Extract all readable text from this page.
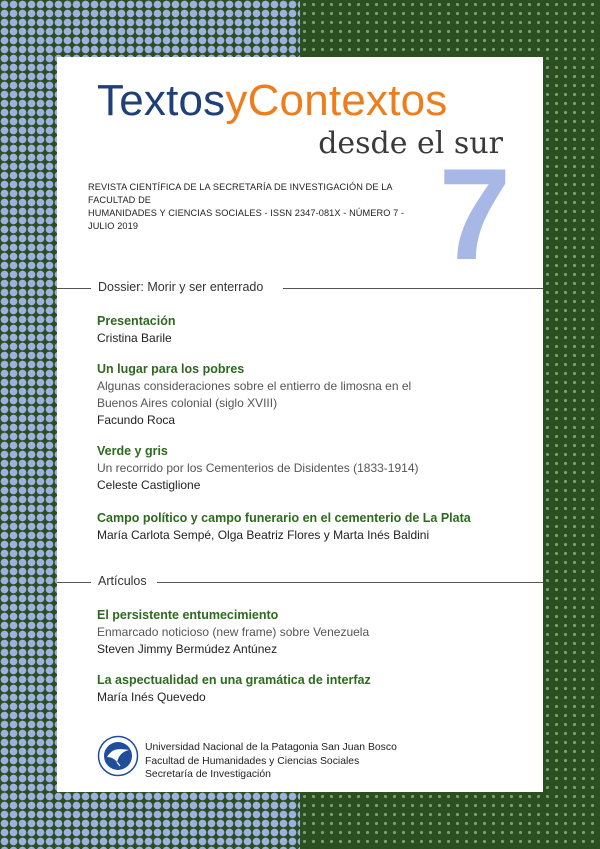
TextosyContextos
desde el sur
REVISTA CIENTÍFICA DE LA SECRETARÍA DE INVESTIGACIÓN DE LA FACULTAD DE
HUMANIDADES Y CIENCIAS SOCIALES - ISSN 2347-081X - NÚMERO 7 - JULIO 2019	7
Dossier: Morir y ser enterrado
Presentación
Cristina Barile
Un lugar para los pobres
Algunas consideraciones sobre el entierro de limosna en el Buenos Aires colonial (siglo XVIII)
Facundo Roca
Verde y gris
Un recorrido por los Cementerios de Disidentes (1833-1914)
Celeste Castiglione
Campo político y campo funerario en el cementerio de La Plata
María Carlota Sempé, Olga Beatriz Flores y Marta Inés Baldini
Artículos
El persistente entumecimiento
Enmarcado noticioso (new frame) sobre Venezuela
Steven Jimmy Bermúdez Antúnez
La aspectualidad en una gramática de interfaz
María Inés Quevedo
Universidad Nacional de la Patagonia San Juan Bosco
Facultad de Humanidades y Ciencias Sociales
Secretaría de Investigación
